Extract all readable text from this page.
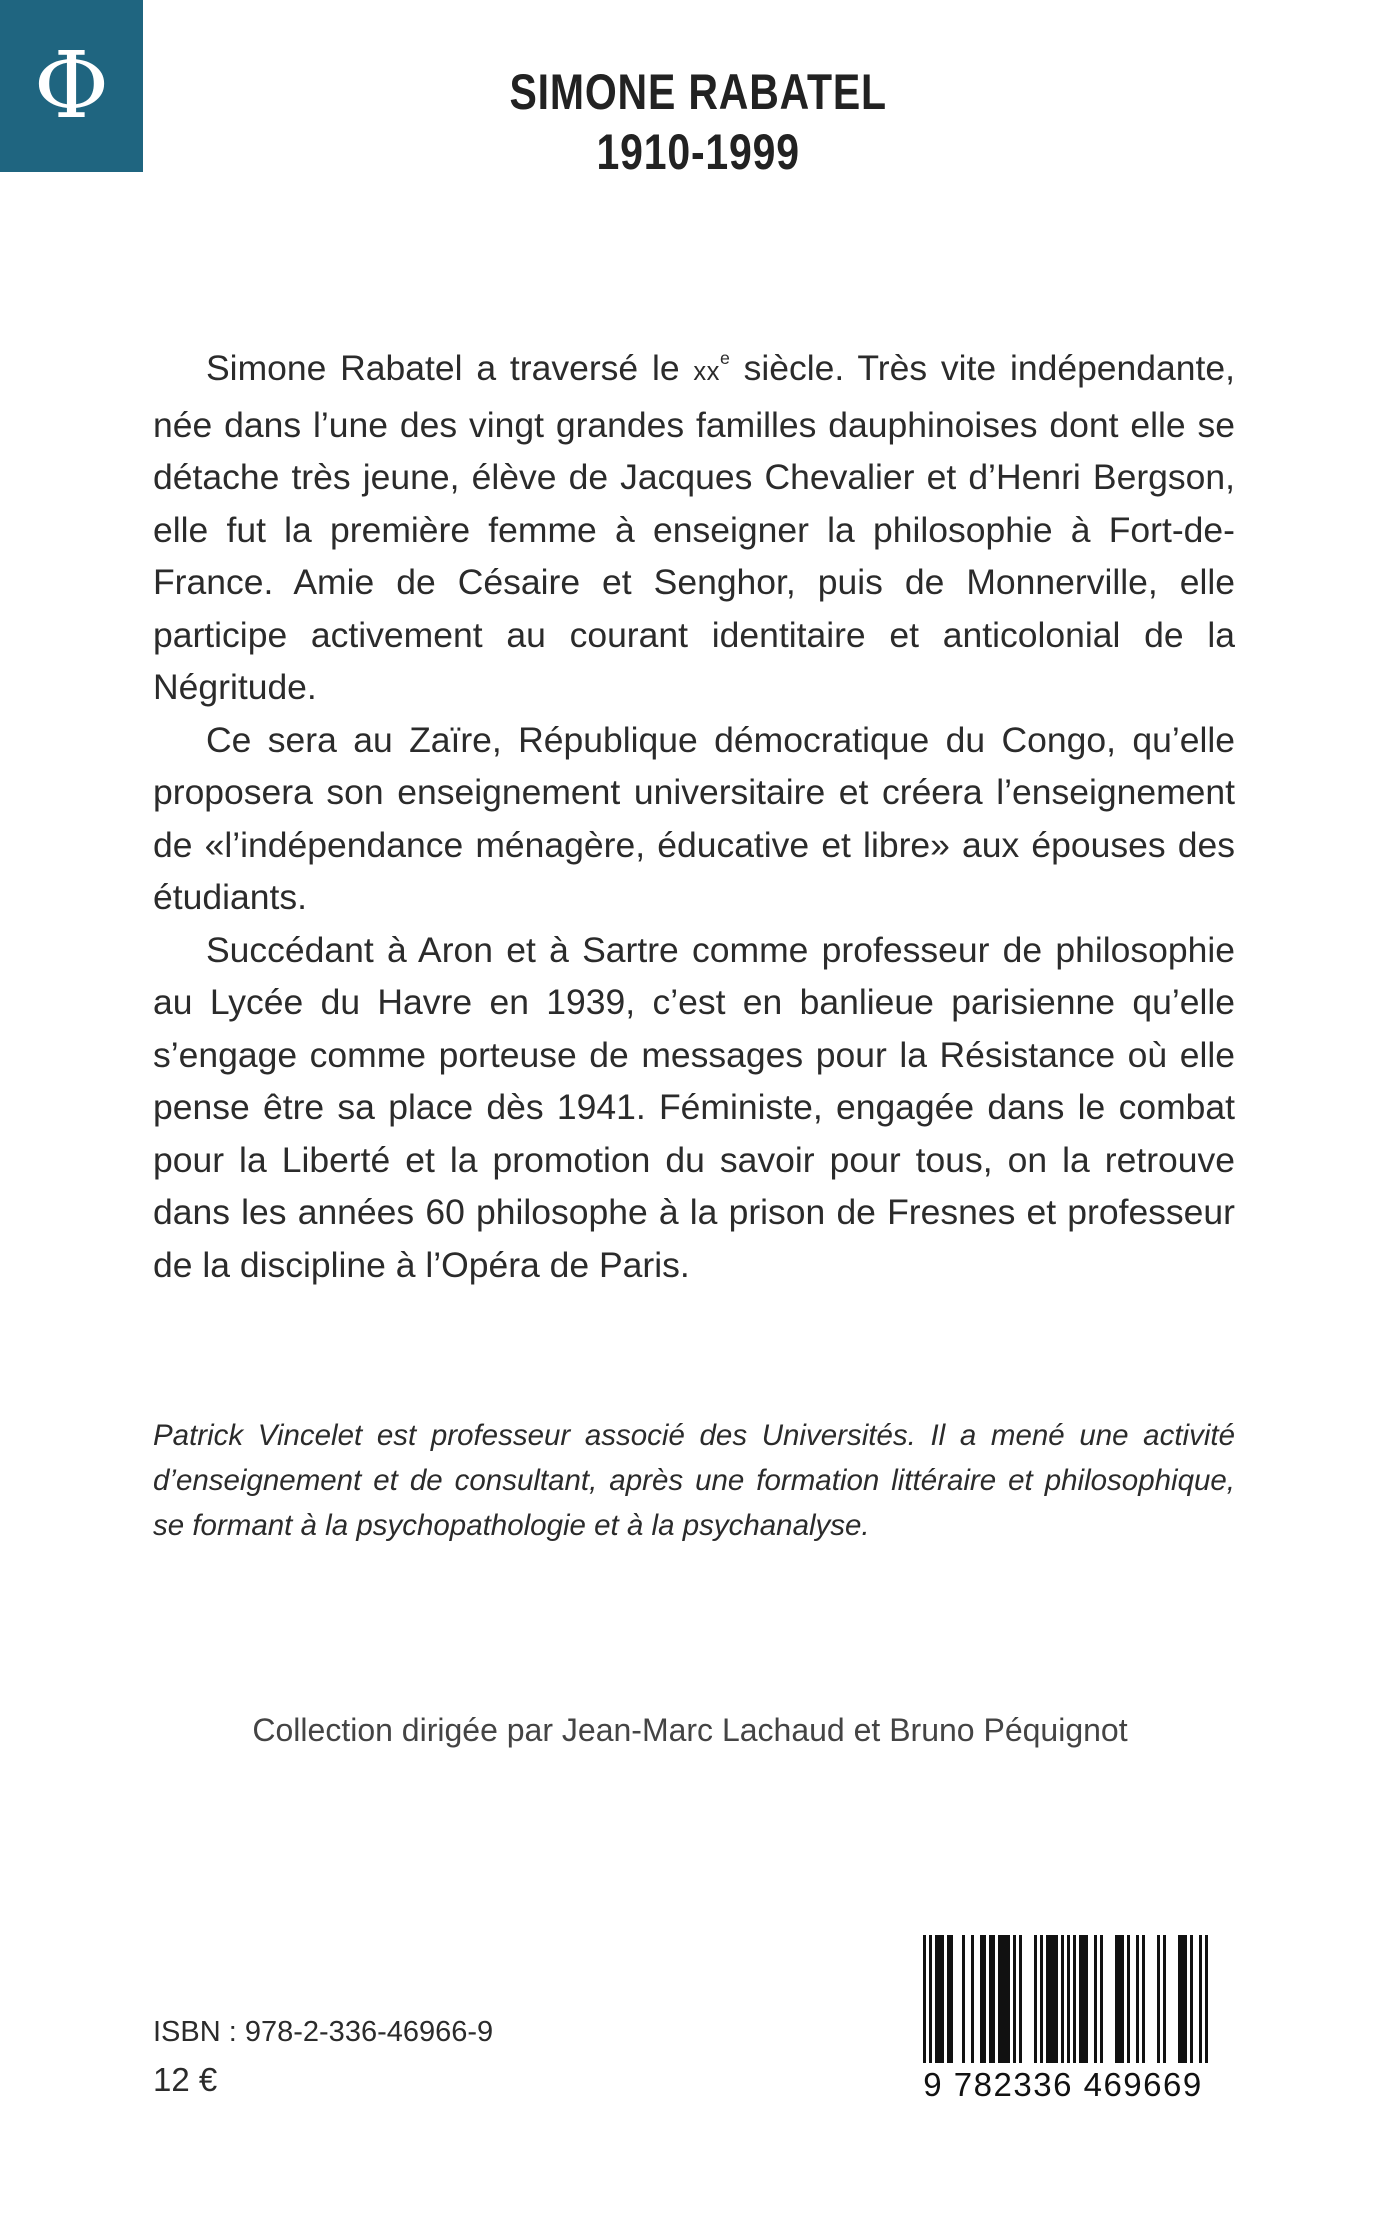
Φ	SIMONE RABATEL
1910-1999

Simone Rabatel a traversé le $xx^e$ siècle. Très vite indépendante, née dans l’une des vingt grandes familles dauphinoises dont elle se détache très jeune, élève de Jacques Chevalier et d’Henri Bergson, elle fut la première femme à enseigner la philosophie à Fort-de-France. Amie de Césaire et Senghor, puis de Monnerville, elle participe activement au courant identitaire et anticolonial de la Négritude.

Ce sera au Zaïre, République démocratique du Congo, qu’elle proposera son enseignement universitaire et créera l’enseignement de «l’indépendance ménagère, éducative et libre» aux épouses des étudiants.

Succédant à Aron et à Sartre comme professeur de philosophie au Lycée du Havre en 1939, c’est en banlieue parisienne qu’elle s’engage comme porteuse de messages pour la Résistance où elle pense être sa place dès 1941. Féministe, engagée dans le combat pour la Liberté et la promotion du savoir pour tous, on la retrouve dans les années 60 philosophe à la prison de Fresnes et professeur de la discipline à l’Opéra de Paris.

Patrick Vincelet est professeur associé des Universités. Il a mené une activité d’enseignement et de consultant, après une formation littéraire et philosophique, se formant à la psychopathologie et à la psychanalyse.
Collection dirigée par Jean-Marc Lachaud et Bruno Péquignot
ISBN : 978-2-336-46966-9
12 €	9 782336 469669
